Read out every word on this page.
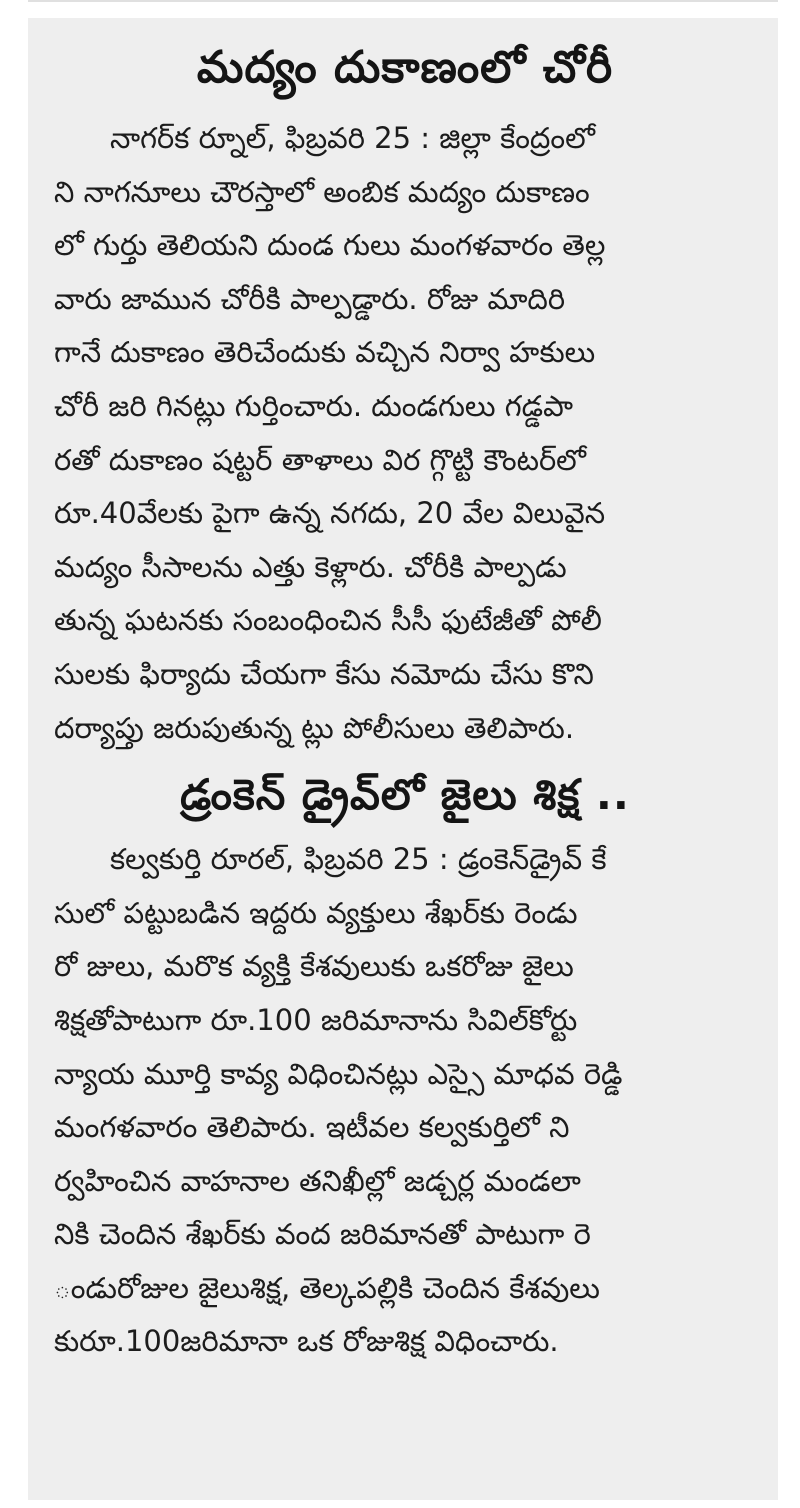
మద్యం దుకాణంలో చోరీ
నాగర్‌క ర్నూల్, ఫిబ్రవరి 25 : జిల్లా కేంద్రంలో
ని నాగనూలు చౌరస్తాలో అంబిక మద్యం దుకాణం
లో గుర్తు తెలియని దుండ గులు మంగళవారం తెల్ల
వారు జామున చోరీకి పాల్పడ్డారు. రోజు మాదిరి
గానే దుకాణం తెరిచేందుకు వచ్చిన నిర్వా హకులు
చోరీ జరి గినట్లు గుర్తించారు. దుండగులు గడ్డపా
రతో దుకాణం షట్టర్ తాళాలు విర గ్గొట్టి కౌంటర్‌లో
రూ.40వేలకు పైగా ఉన్న నగదు, 20 వేల విలువైన
మద్యం సీసాలను ఎత్తు కెళ్లారు. చోరీకి పాల్పడు
తున్న ఘటనకు సంబంధించిన సీసీ ఫుటేజీతో పోలీ
సులకు ఫిర్యాదు చేయగా కేసు నమోదు చేసు కొని
దర్యాప్తు జరుపుతున్న ట్లు పోలీసులు తెలిపారు.
డ్రంకెన్ డ్రైవ్‌లో జైలు శిక్ష ..
కల్వకుర్తి రూరల్, ఫిబ్రవరి 25 : డ్రంకెన్‌డ్రైవ్ కే
సులో పట్టుబడిన ఇద్దరు వ్యక్తులు శేఖర్‌కు రెండు
రో జులు, మరొక వ్యక్తి కేశవులుకు ఒకరోజు జైలు
శిక్షతోపాటుగా రూ.100 జరిమానాను సివిల్‌కోర్టు
న్యాయ మూర్తి కావ్య విధించినట్లు ఎస్సై మాధవ రెడ్డి
మంగళవారం తెలిపారు. ఇటీవల కల్వకుర్తిలో ని
ర్వహించిన వాహనాల తనిఖీల్లో జడ్చర్ల మండలా
నికి చెందిన శేఖర్‌కు వంద జరిమానతో పాటుగా రె
ండురోజుల జైలుశిక్ష, తెల్కపల్లికి చెందిన కేశవులు
కురూ.100జరిమానా ఒక రోజుశిక్ష విధించారు.
